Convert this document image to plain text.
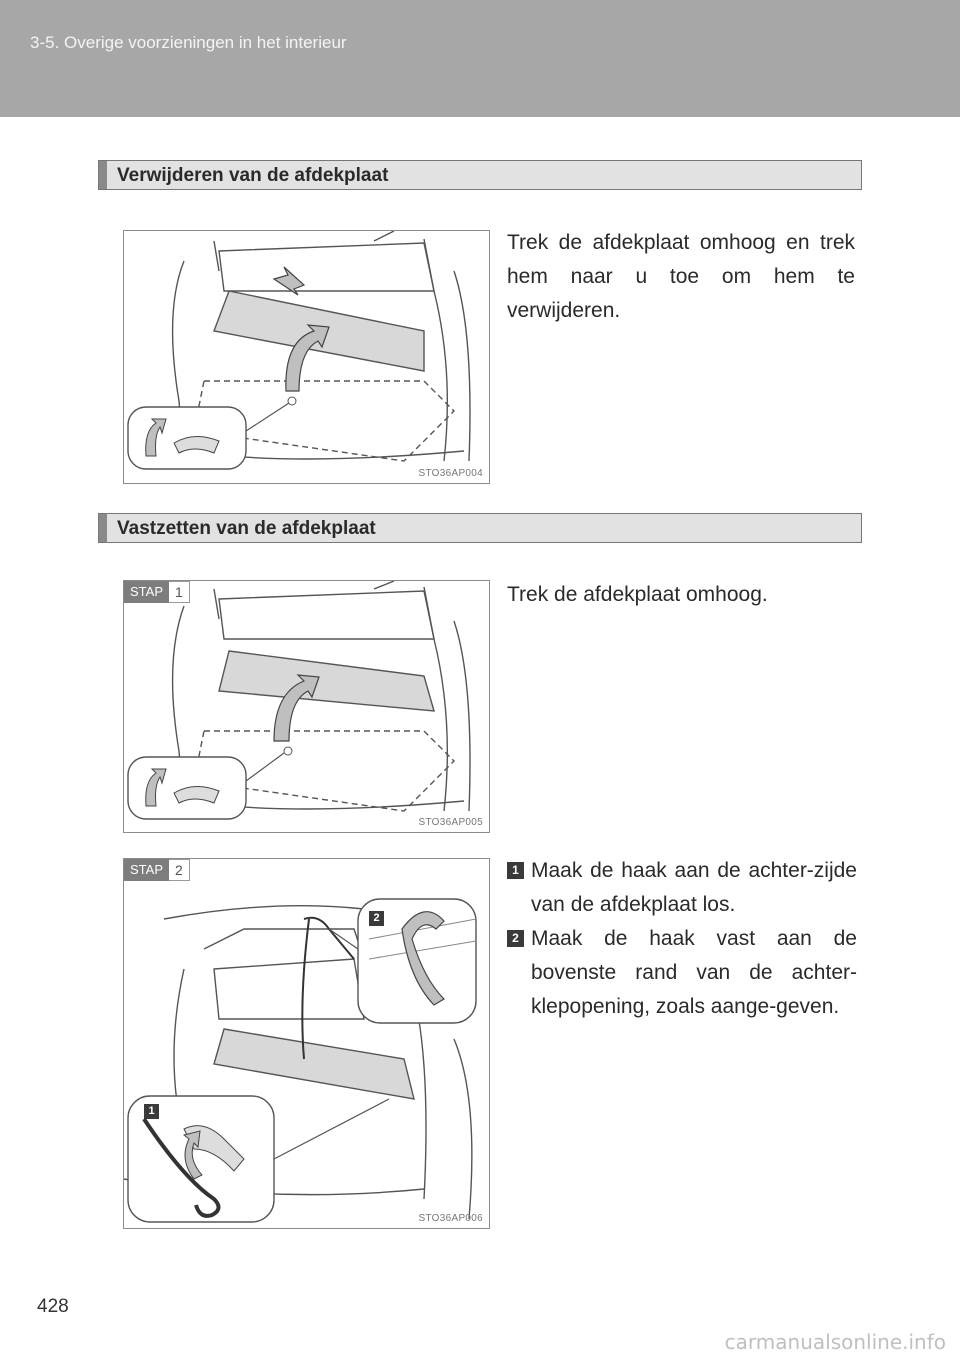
3-5. Overige voorzieningen in het interieur
Verwijderen van de afdekplaat
STO36AP004
Trek de afdekplaat omhoog en trek hem naar u toe om hem te verwijderen.
Vastzetten van de afdekplaat
STAP 1
STO36AP005
Trek de afdekplaat omhoog.
STAP 2
2
1
STO36AP006
1 Maak de haak aan de achter-zijde van de afdekplaat los.
2 Maak de haak vast aan de bovenste rand van de achter-klepopening, zoals aange-geven.
428
carmanualsonline.info
